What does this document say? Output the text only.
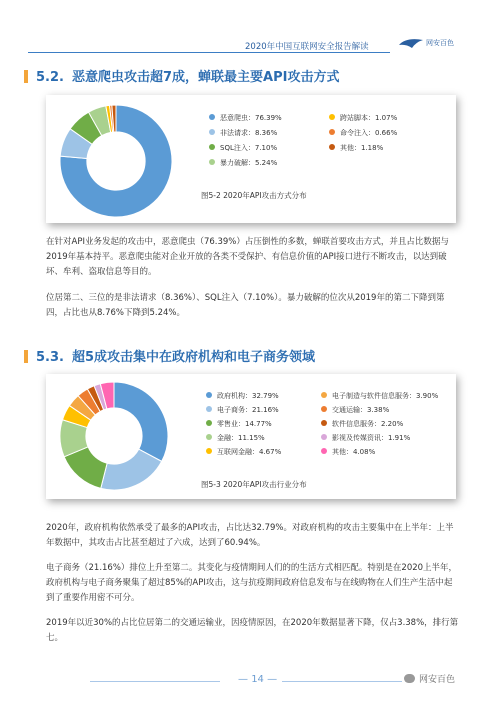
2020年中国互联网安全报告解读	网安百色
5.2. 恶意爬虫攻击超7成，蝉联最主要API攻击方式
恶意爬虫：76.39%
非法请求：8.36%
SQL注入：7.10%
暴力破解：5.24%
跨站脚本：1.07%
命令注入：0.66%
其他：1.18%
图5-2 2020年API攻击方式分布
在针对API业务发起的攻击中，恶意爬虫（76.39%）占压倒性的多数，蝉联首要攻击方式，并且占比数据与2019年基本持平。恶意爬虫能对企业开放的各类不受保护、有信息价值的API接口进行不断攻击，以达到破坏、牟利、盗取信息等目的。
位居第二、三位的是非法请求（8.36%）、SQL注入（7.10%）。暴力破解的位次从2019年的第二下降到第四，占比也从8.76%下降到5.24%。
5.3. 超5成攻击集中在政府机构和电子商务领域
政府机构：32.79%
电子商务：21.16%
零售业：14.77%
金融：11.15%
互联网金融：4.67%
电子制造与软件信息服务：3.90%
交通运输：3.38%
软件信息服务：2.20%
影视及传媒资讯：1.91%
其他：4.08%
图5-3 2020年API攻击行业分布
2020年，政府机构依然承受了最多的API攻击，占比达32.79%。对政府机构的攻击主要集中在上半年：上半年数据中，其攻击占比甚至超过了六成，达到了60.94%。
电子商务（21.16%）排位上升至第二。其变化与疫情期间人们的的生活方式相匹配。特别是在2020上半年，政府机构与电子商务聚集了超过85%的API攻击，这与抗疫期间政府信息发布与在线购物在人们生产生活中起到了重要作用密不可分。
2019年以近30%的占比位居第二的交通运输业，因疫情原因，在2020年数据显著下降，仅占3.38%，排行第七。
— 14 —	网安百色
